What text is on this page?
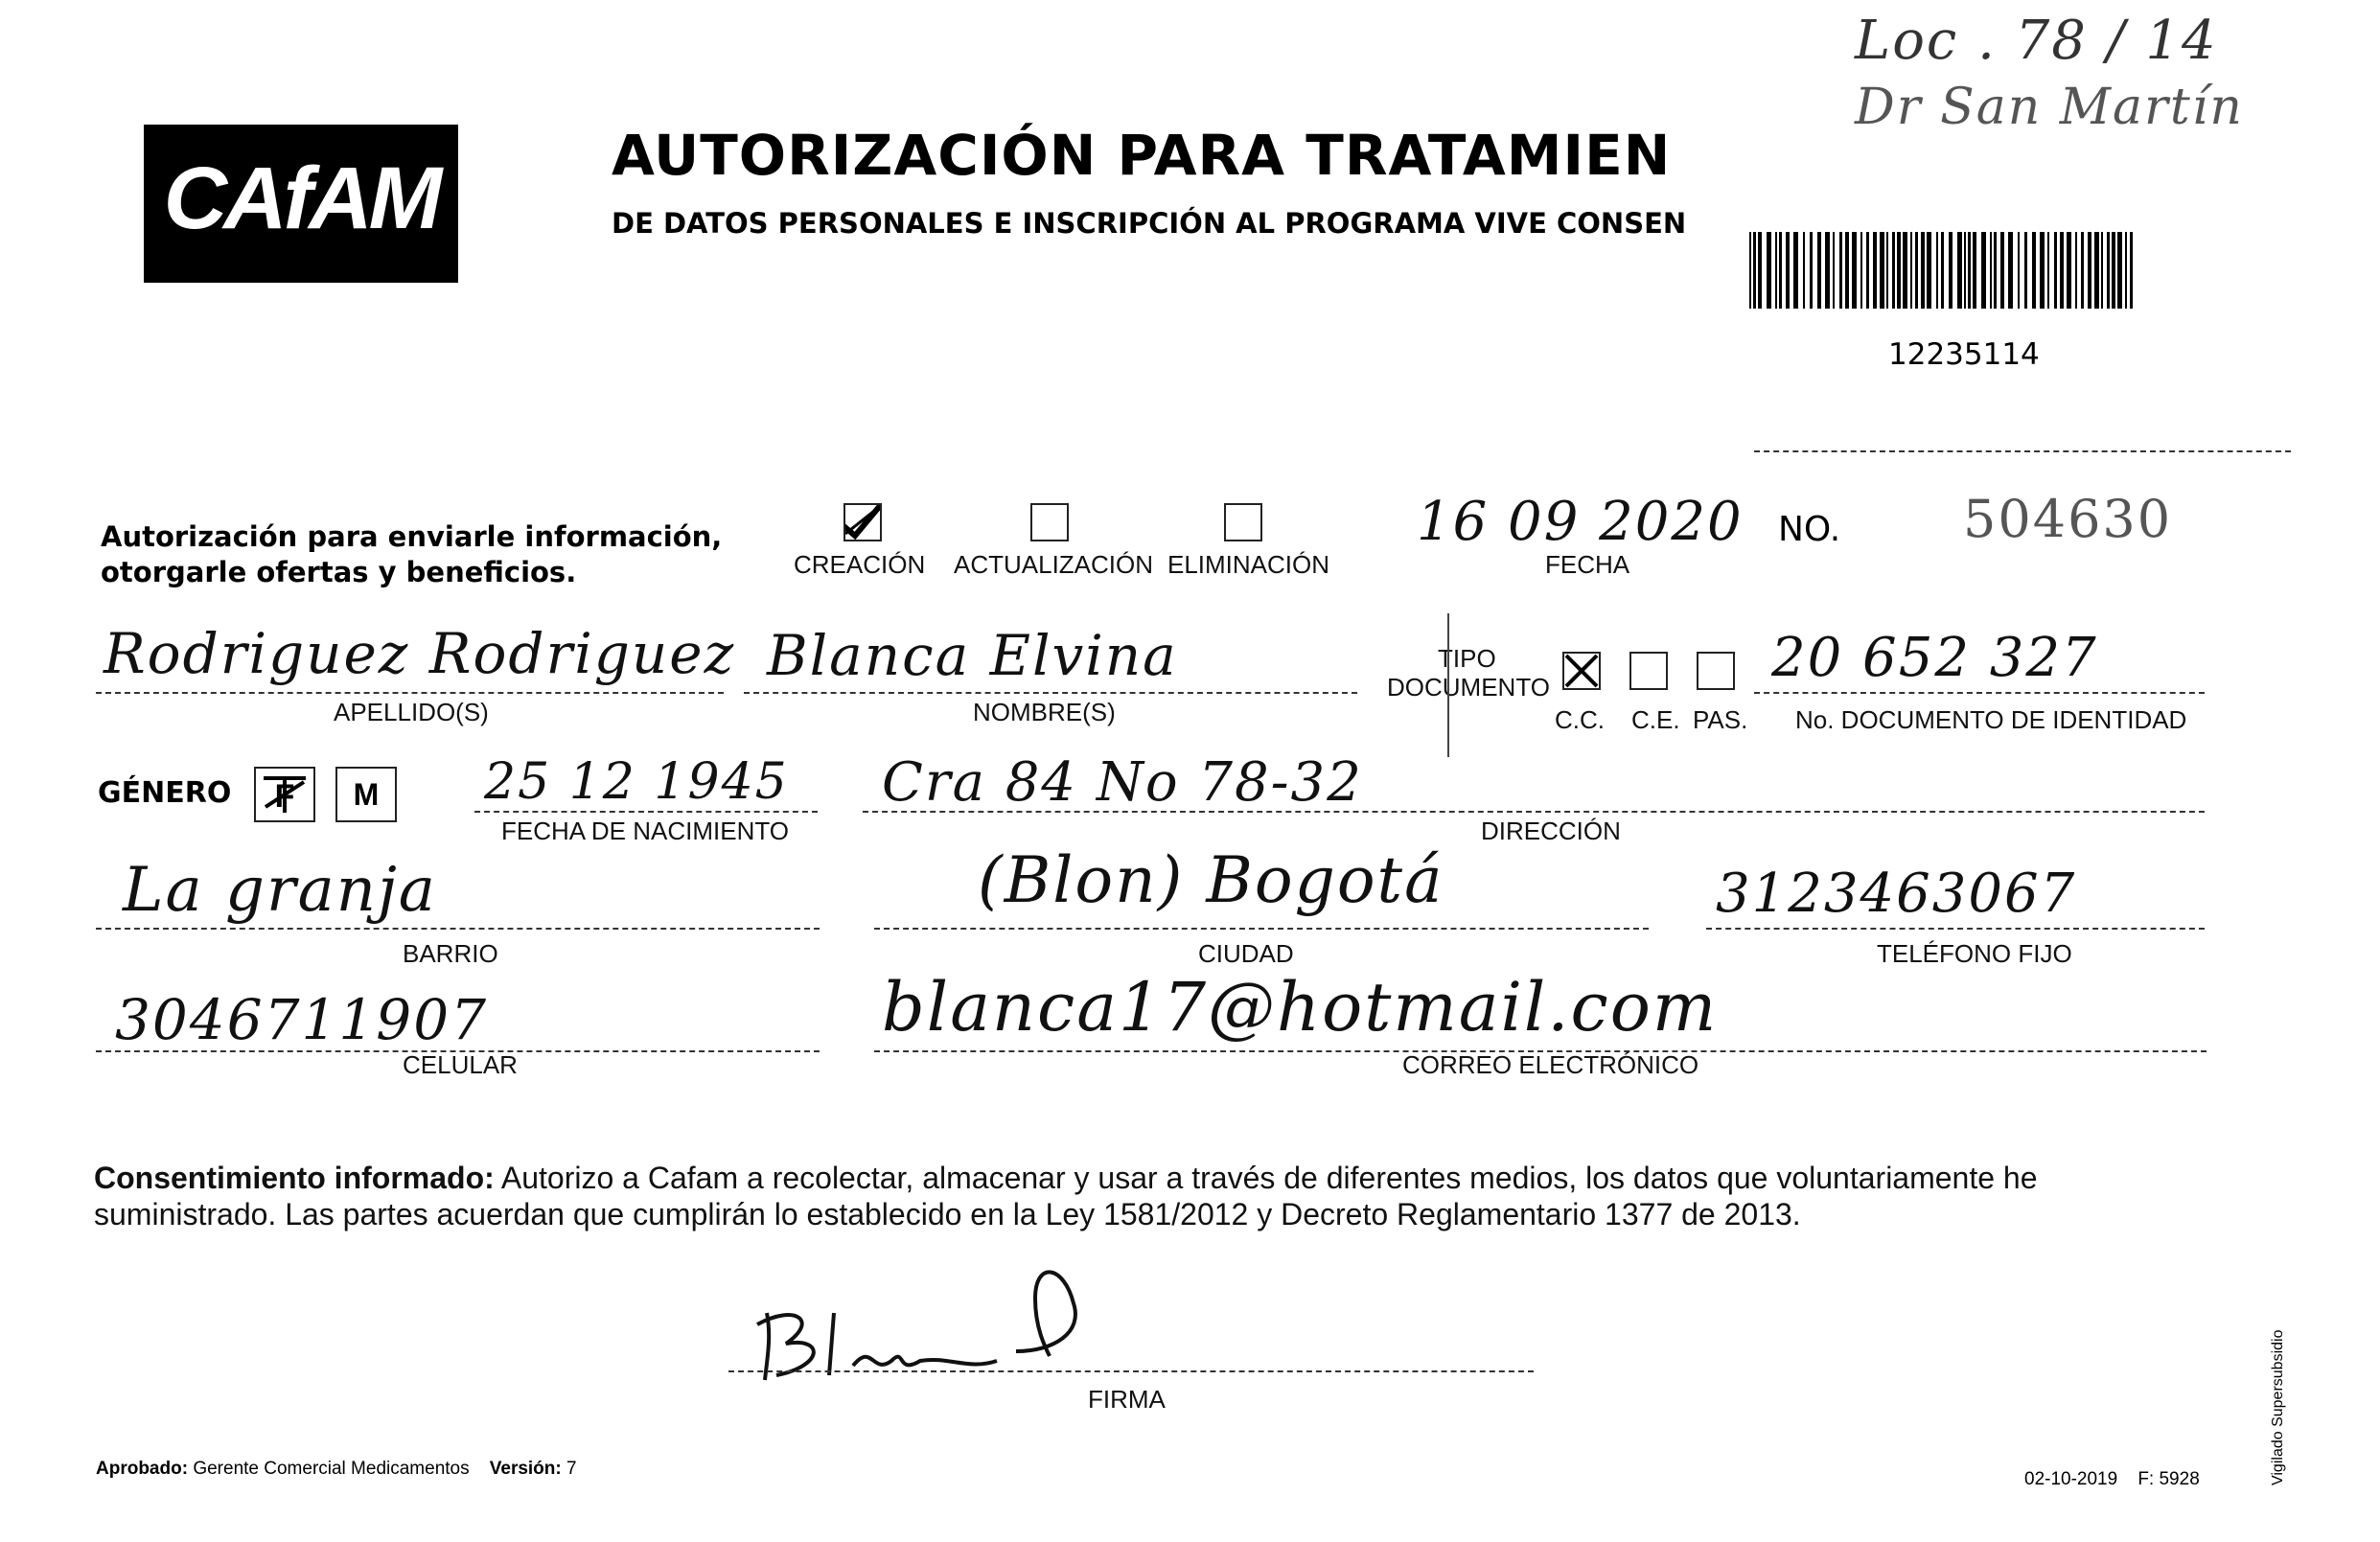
CAfAM	AUTORIZACIÓN PARA TRATAMIEN
DE DATOS PERSONALES E INSCRIPCIÓN AL PROGRAMA VIVE CONSEN
12235114
Loc . 78 / 14
Dr San Martín
Autorización para enviarle información,
otorgarle ofertas y beneficios.	CREACIÓN ACTUALIZACIÓN ELIMINACIÓN
16 09 2020
FECHA
NO. 504630
Rodriguez Rodriguez
APELLIDO(S)
Blanca Elvina
NOMBRE(S)
TIPO
DOCUMENTO
C.C. C.E. PAS.
20 652 327
No. DOCUMENTO DE IDENTIDAD
GÉNERO F	M	25 12 1945
FECHA DE NACIMIENTO
Cra 84 No 78-32
DIRECCIÓN
La granja
BARRIO
(Blon) Bogotá
CIUDAD
3123463067
TELÉFONO FIJO
3046711907
CELULAR
blanca17@hotmail.com
CORREO ELECTRÓNICO
Consentimiento informado: Autorizo a Cafam a recolectar, almacenar y usar a través de diferentes medios, los datos que voluntariamente he
suministrado. Las partes acuerdan que cumplirán lo establecido en la Ley 1581/2012 y Decreto Reglamentario 1377 de 2013.
FIRMA
Aprobado: Gerente Comercial Medicamentos Versión: 7
02-10-2019 F: 5928	Vigilado Supersubsidio
